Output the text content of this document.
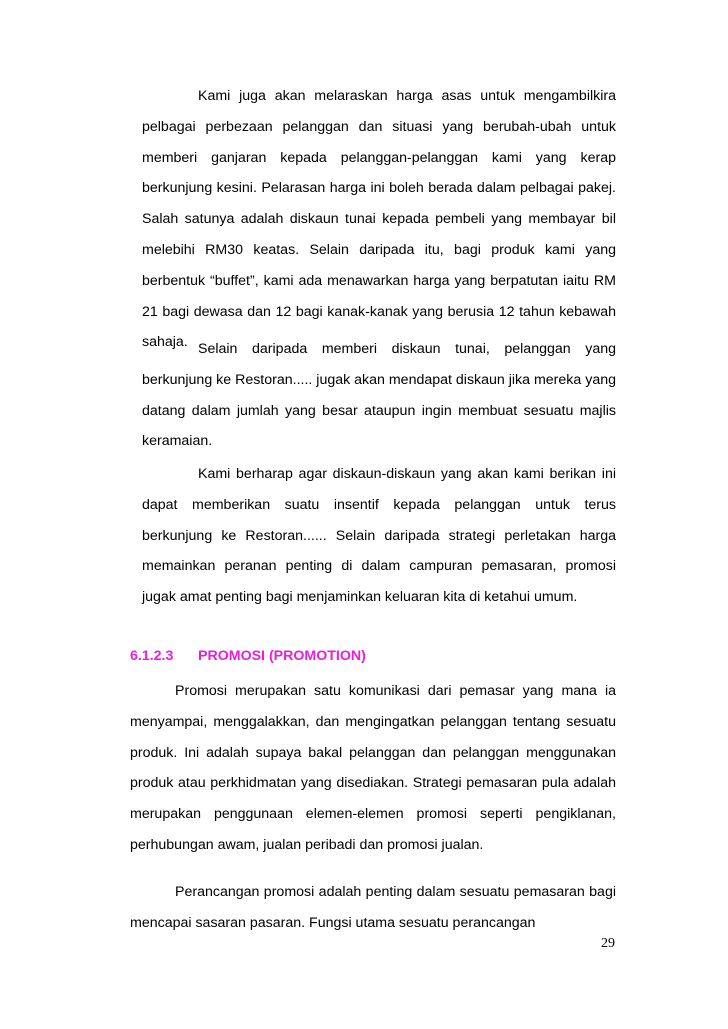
Kami juga akan melaraskan harga asas untuk mengambilkira pelbagai perbezaan pelanggan dan situasi yang berubah-ubah untuk memberi ganjaran kepada pelanggan-pelanggan kami yang kerap berkunjung kesini. Pelarasan harga ini boleh berada dalam pelbagai pakej. Salah satunya adalah diskaun tunai kepada pembeli yang membayar bil melebihi RM30 keatas. Selain daripada itu, bagi produk kami yang berbentuk “buffet”, kami ada menawarkan harga yang berpatutan iaitu RM 21 bagi dewasa dan 12 bagi kanak-kanak yang berusia 12 tahun kebawah sahaja. Selain daripada memberi diskaun tunai, pelanggan yang berkunjung ke Restoran..... jugak akan mendapat diskaun jika mereka yang datang dalam jumlah yang besar ataupun ingin membuat sesuatu majlis keramaian.

Kami berharap agar diskaun-diskaun yang akan kami berikan ini dapat memberikan suatu insentif kepada pelanggan untuk terus berkunjung ke Restoran...... Selain daripada strategi perletakan harga memainkan peranan penting di dalam campuran pemasaran, promosi jugak amat penting bagi menjaminkan keluaran kita di ketahui umum.

6.1.2.3 PROMOSI (PROMOTION)

Promosi merupakan satu komunikasi dari pemasar yang mana ia menyampai, menggalakkan, dan mengingatkan pelanggan tentang sesuatu produk. Ini adalah supaya bakal pelanggan dan pelanggan menggunakan produk atau perkhidmatan yang disediakan. Strategi pemasaran pula adalah merupakan penggunaan elemen-elemen promosi seperti pengiklanan, perhubungan awam, jualan peribadi dan promosi jualan.

Perancangan promosi adalah penting dalam sesuatu pemasaran bagi mencapai sasaran pasaran. Fungsi utama sesuatu perancangan

29
